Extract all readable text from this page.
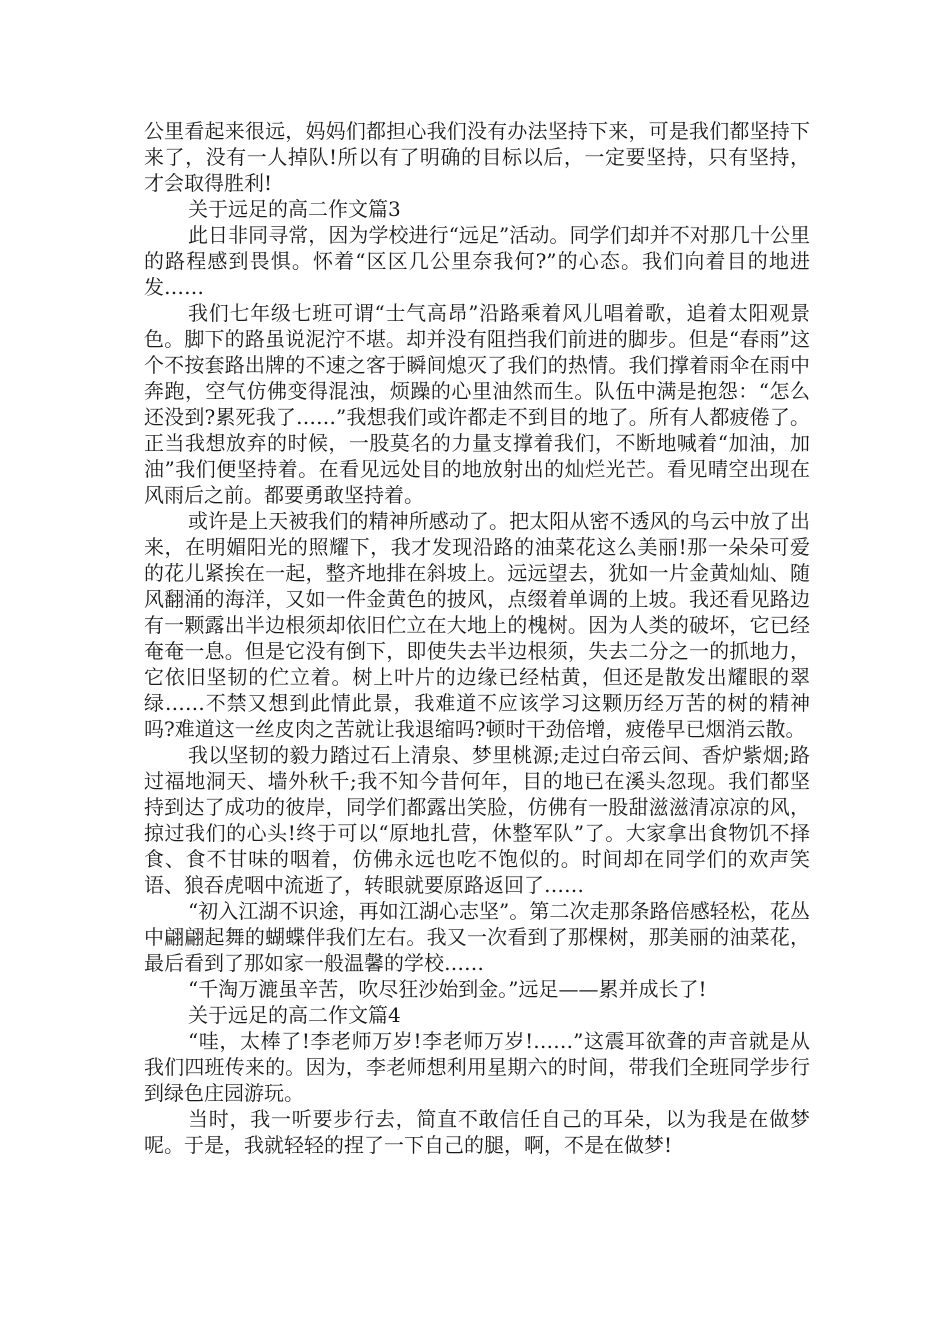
公里看起来很远，妈妈们都担心我们没有办法坚持下来，可是我们都坚持下来了，没有一人掉队!所以有了明确的目标以后，一定要坚持，只有坚持，才会取得胜利!

关于远足的高二作文篇3

此日非同寻常，因为学校进行“远足”活动。同学们却并不对那几十公里的路程感到畏惧。怀着“区区几公里奈我何?”的心态。我们向着目的地进发……

我们七年级七班可谓“士气高昂”沿路乘着风儿唱着歌，追着太阳观景色。脚下的路虽说泥泞不堪。却并没有阻挡我们前进的脚步。但是“春雨”这个不按套路出牌的不速之客于瞬间熄灭了我们的热情。我们撑着雨伞在雨中奔跑，空气仿佛变得混浊，烦躁的心里油然而生。队伍中满是抱怨：“怎么还没到?累死我了……”我想我们或许都走不到目的地了。所有人都疲倦了。正当我想放弃的时候，一股莫名的力量支撑着我们，不断地喊着“加油，加油”我们便坚持着。在看见远处目的地放射出的灿烂光芒。看见晴空出现在风雨后之前。都要勇敢坚持着。

或许是上天被我们的精神所感动了。把太阳从密不透风的乌云中放了出来，在明媚阳光的照耀下，我才发现沿路的油菜花这么美丽!那一朵朵可爱的花儿紧挨在一起，整齐地排在斜坡上。远远望去，犹如一片金黄灿灿、随风翻涌的海洋，又如一件金黄色的披风，点缀着单调的上坡。我还看见路边有一颗露出半边根须却依旧伫立在大地上的槐树。因为人类的破坏，它已经奄奄一息。但是它没有倒下，即使失去半边根须，失去二分之一的抓地力，它依旧坚韧的伫立着。树上叶片的边缘已经枯黄，但还是散发出耀眼的翠绿……不禁又想到此情此景，我难道不应该学习这颗历经万苦的树的精神吗?难道这一丝皮肉之苦就让我退缩吗?顿时干劲倍增，疲倦早已烟消云散。

我以坚韧的毅力踏过石上清泉、梦里桃源;走过白帝云间、香炉紫烟;路过福地洞天、墙外秋千;我不知今昔何年，目的地已在溪头忽现。我们都坚持到达了成功的彼岸，同学们都露出笑脸，仿佛有一股甜滋滋清凉凉的风，掠过我们的心头!终于可以“原地扎营，休整军队”了。大家拿出食物饥不择食、食不甘味的咽着，仿佛永远也吃不饱似的。时间却在同学们的欢声笑语、狼吞虎咽中流逝了，转眼就要原路返回了……

“初入江湖不识途，再如江湖心志坚”。第二次走那条路倍感轻松，花丛中翩翩起舞的蝴蝶伴我们左右。我又一次看到了那棵树，那美丽的油菜花，最后看到了那如家一般温馨的学校……

“千淘万漉虽辛苦，吹尽狂沙始到金。”远足——累并成长了!

关于远足的高二作文篇4

“哇，太棒了!李老师万岁!李老师万岁!……”这震耳欲聋的声音就是从我们四班传来的。因为，李老师想利用星期六的时间，带我们全班同学步行到绿色庄园游玩。

当时，我一听要步行去，简直不敢信任自己的耳朵，以为我是在做梦呢。于是，我就轻轻的捏了一下自己的腿，啊，不是在做梦!
